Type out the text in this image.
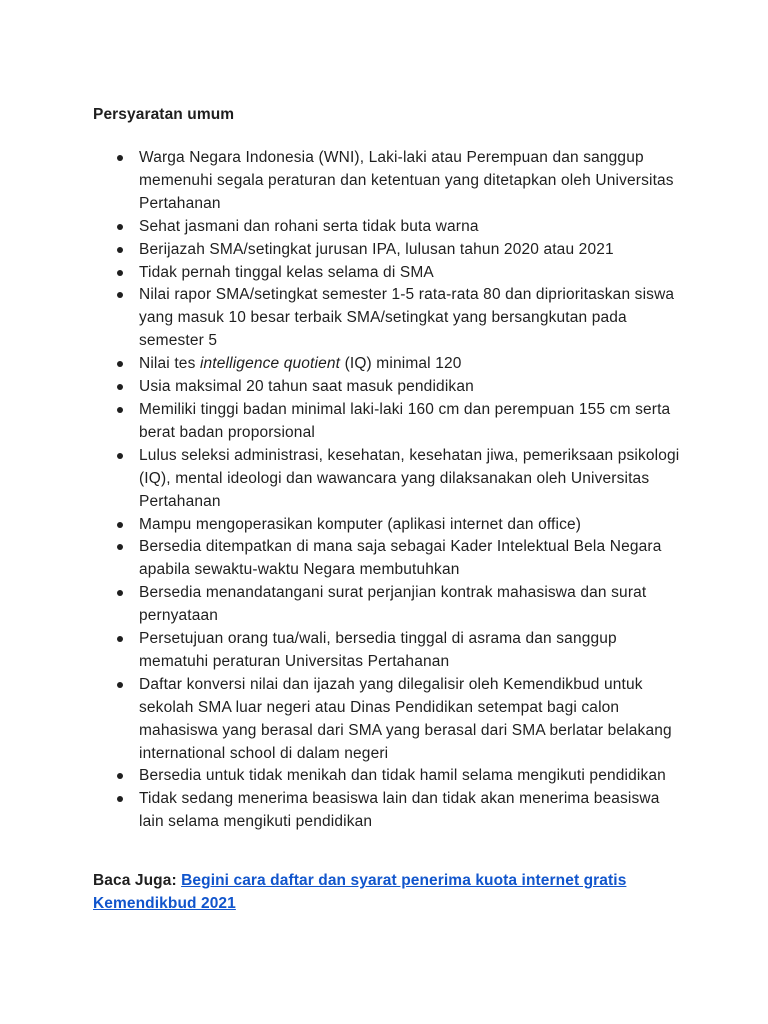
Persyaratan umum

Warga Negara Indonesia (WNI), Laki-laki atau Perempuan dan sanggup memenuhi segala peraturan dan ketentuan yang ditetapkan oleh Universitas Pertahanan
Sehat jasmani dan rohani serta tidak buta warna
Berijazah SMA/setingkat jurusan IPA, lulusan tahun 2020 atau 2021
Tidak pernah tinggal kelas selama di SMA
Nilai rapor SMA/setingkat semester 1-5 rata-rata 80 dan diprioritaskan siswa yang masuk 10 besar terbaik SMA/setingkat yang bersangkutan pada semester 5
Nilai tes intelligence quotient (IQ) minimal 120
Usia maksimal 20 tahun saat masuk pendidikan
Memiliki tinggi badan minimal laki-laki 160 cm dan perempuan 155 cm serta berat badan proporsional
Lulus seleksi administrasi, kesehatan, kesehatan jiwa, pemeriksaan psikologi (IQ), mental ideologi dan wawancara yang dilaksanakan oleh Universitas Pertahanan
Mampu mengoperasikan komputer (aplikasi internet dan office)
Bersedia ditempatkan di mana saja sebagai Kader Intelektual Bela Negara apabila sewaktu-waktu Negara membutuhkan
Bersedia menandatangani surat perjanjian kontrak mahasiswa dan surat pernyataan
Persetujuan orang tua/wali, bersedia tinggal di asrama dan sanggup mematuhi peraturan Universitas Pertahanan
Daftar konversi nilai dan ijazah yang dilegalisir oleh Kemendikbud untuk sekolah SMA luar negeri atau Dinas Pendidikan setempat bagi calon mahasiswa yang berasal dari SMA yang berasal dari SMA berlatar belakang international school di dalam negeri
Bersedia untuk tidak menikah dan tidak hamil selama mengikuti pendidikan
Tidak sedang menerima beasiswa lain dan tidak akan menerima beasiswa lain selama mengikuti pendidikan
Baca Juga: Begini cara daftar dan syarat penerima kuota internet gratis Kemendikbud 2021
